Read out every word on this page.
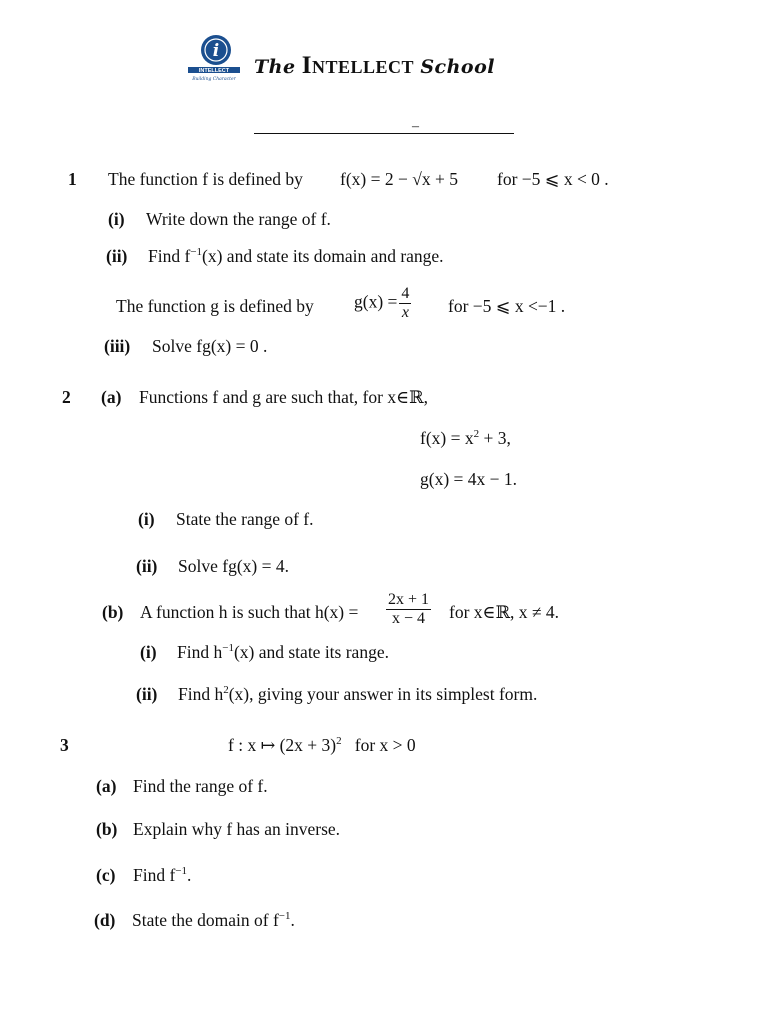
i
INTELLECT
Building Character
The Intellect School
–
1 The function f is defined by f(x) = 2 − √x + 5 for −5 ⩽ x < 0 .
(i) Write down the range of f.
(ii) Find $f^{-1}(x)$ and state its domain and range.
The function g is defined by $g(x) = \frac{4}{x}$ for −5 ⩽ x <−1 .
(iii) Solve fg(x) = 0 .
2 (a) Functions f and g are such that, for x∈ℝ,
$f(x) = x^2 + 3$,
g(x) = 4x − 1.
(i) State the range of f.
(ii) Solve fg(x) = 4.
(b) A function h is such that $h(x) = \frac{2x + 1}{x - 4}$ for x∈ℝ, x ≠ 4.
(i) Find $h^{-1}(x)$ and state its range.
(ii) Find $h^2(x)$, giving your answer in its simplest form.
3	f : x ↦ $(2x + 3)^2$ for x > 0
(a) Find the range of f.
(b) Explain why f has an inverse.
(c) Find $f^{-1}$.
(d) State the domain of $f^{-1}$.
